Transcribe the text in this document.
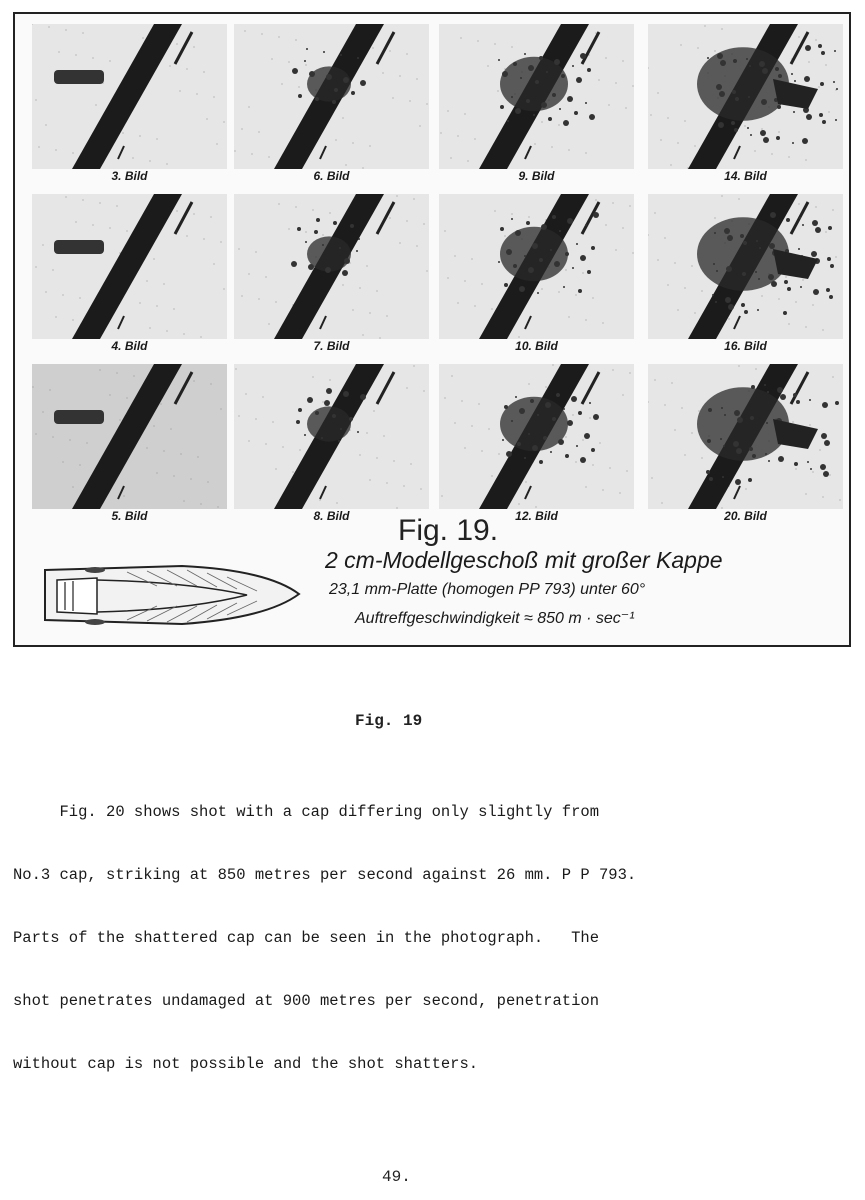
3. Bild	6. Bild	9. Bild	14. Bild
4. Bild	7. Bild	10. Bild	16. Bild
5. Bild	8. Bild	12. Bild	20. Bild
Fig. 19.
2 cm-Modellgeschoß mit großer Kappe
23,1 mm-Platte (homogen PP 793) unter 60°
Auftreffgeschwindigkeit ≈ 850 m · sec⁻¹
Fig. 19

Fig. 20 shows shot with a cap differing only slightly from

No.3 cap, striking at 850 metres per second against 26 mm. P P 793.

Parts of the shattered cap can be seen in the photograph.   The

shot penetrates undamaged at 900 metres per second, penetration

without cap is not possible and the shot shatters.

49.
